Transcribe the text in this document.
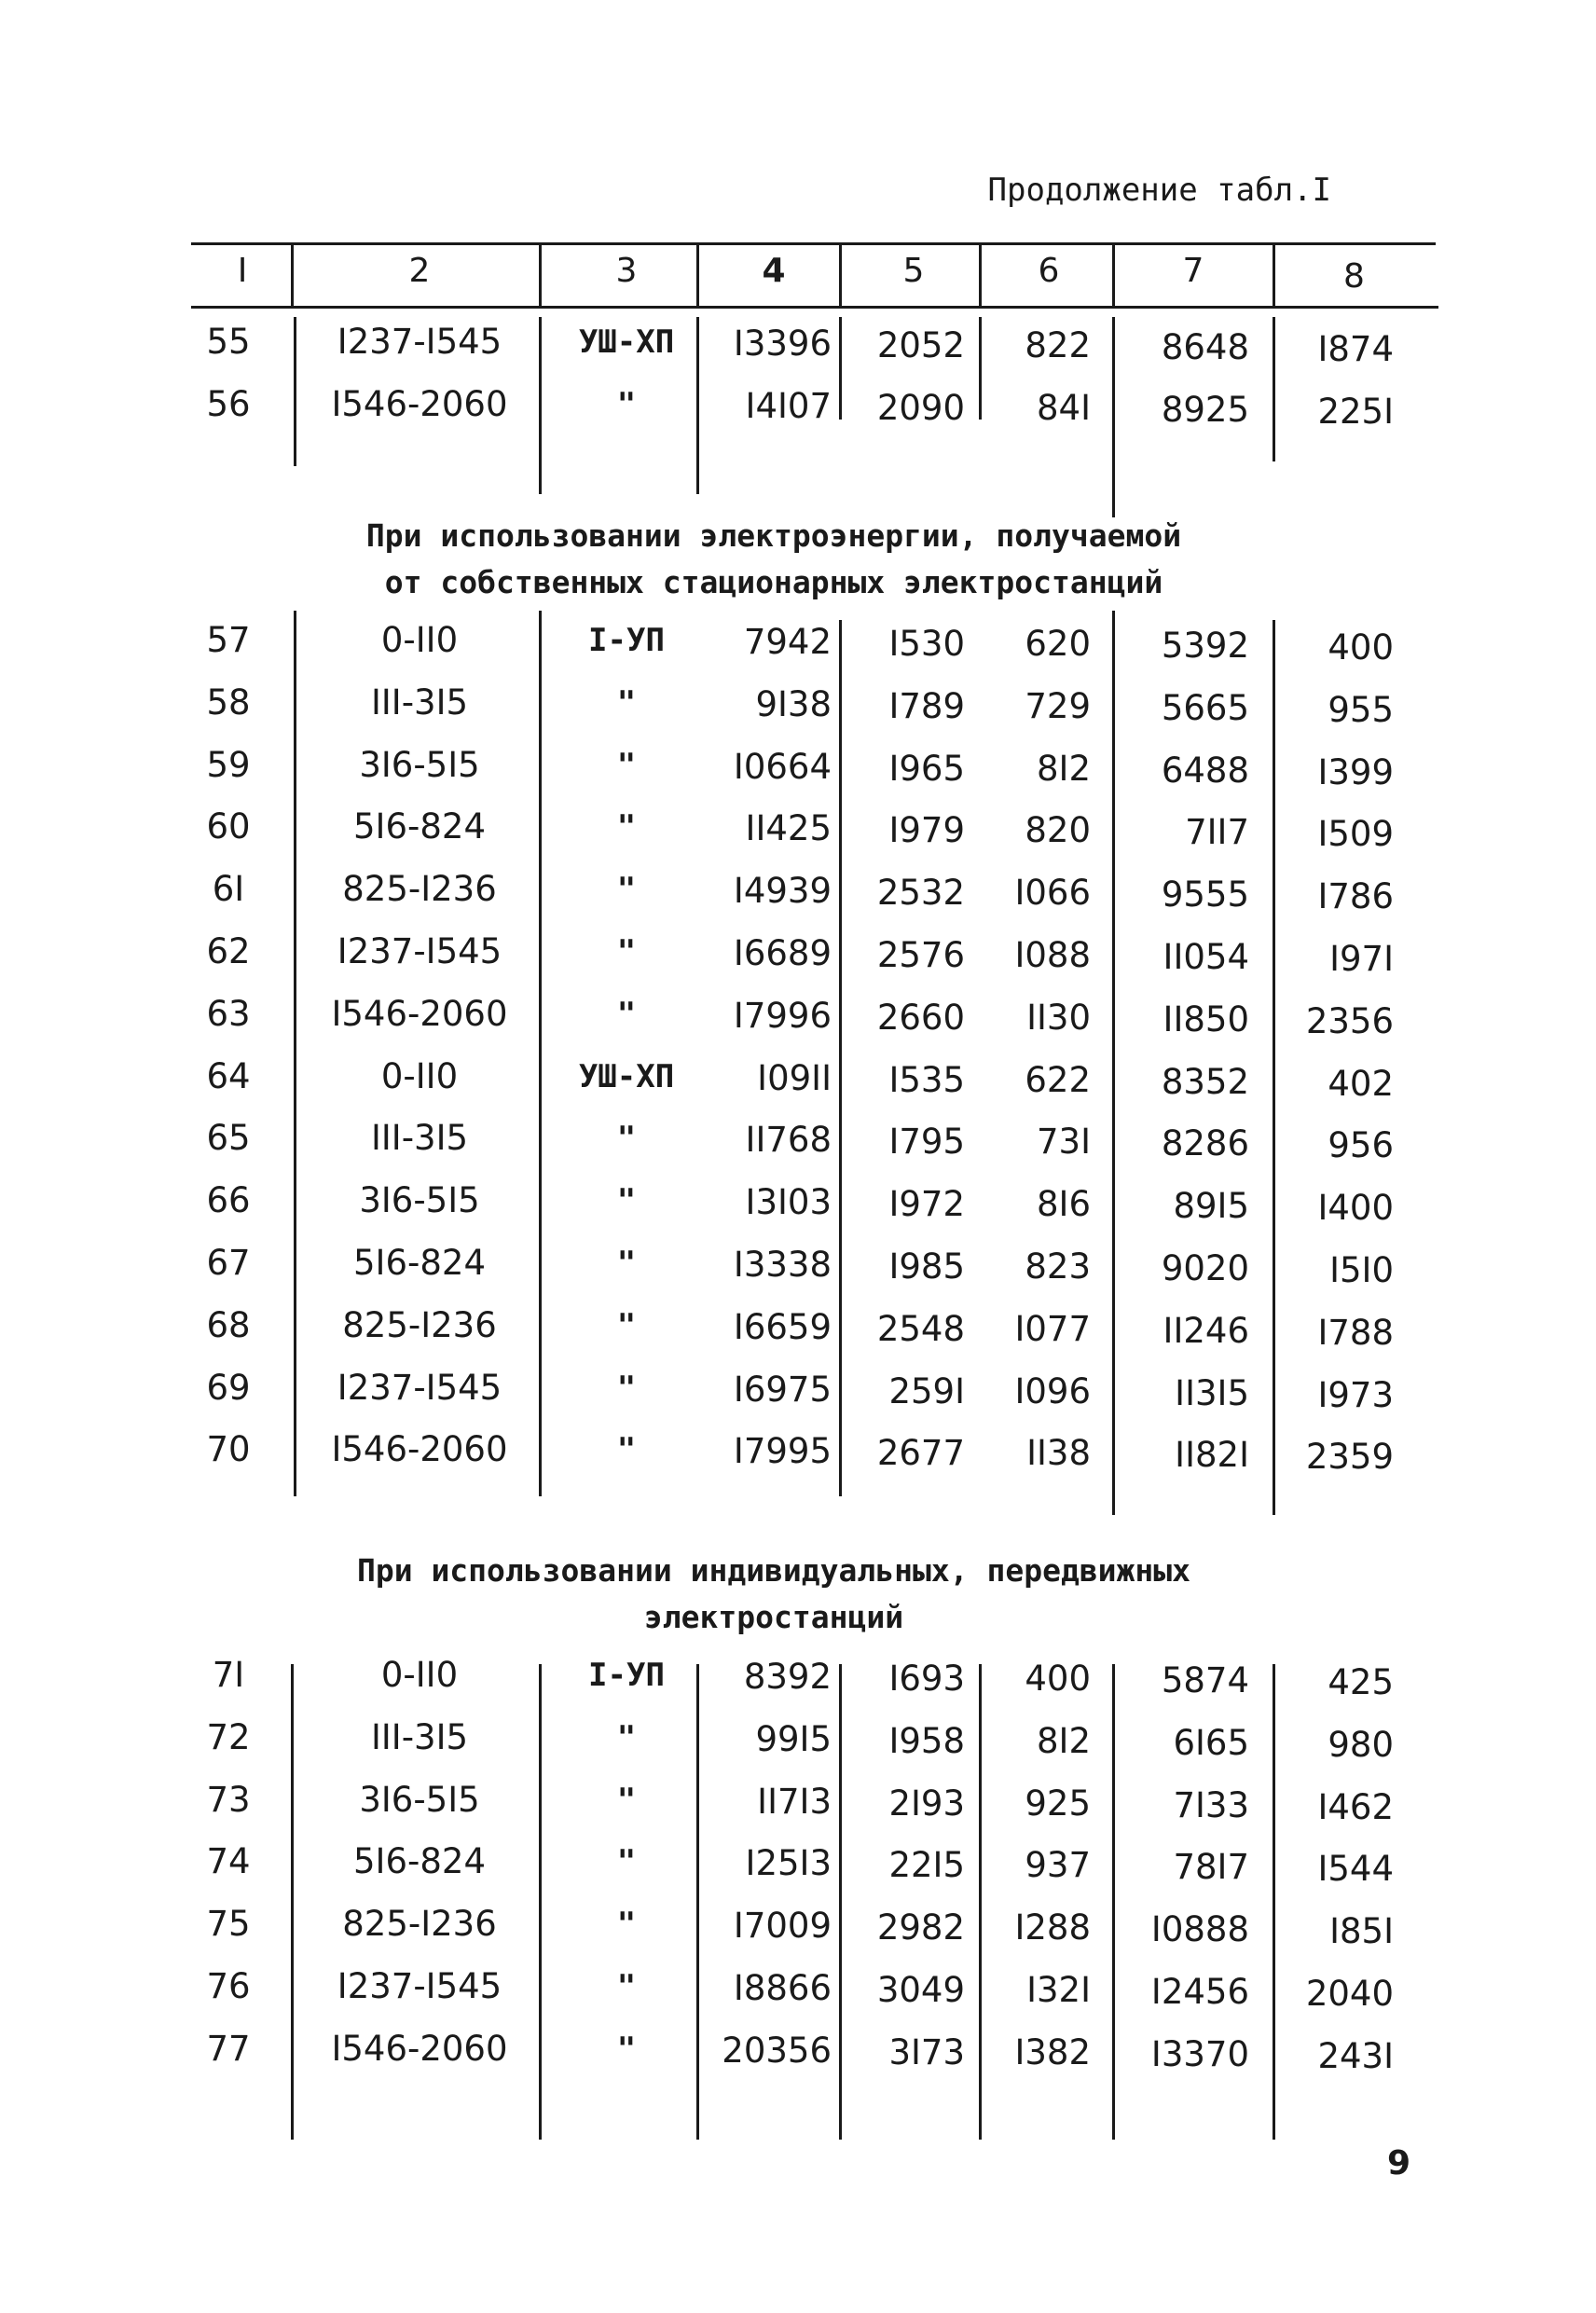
Продолжение табл.I
I	2	3	4	5	6	7	8
55	I237-I545	УШ-ХП	I3396	2052	822	8648	I874
56	I546-2060	"	I4I07	2090	84I	8925	225I
При использовании электроэнергии, получаемой
от собственных стационарных электростанций
57	0-II0	I-УП	7942	I530	620	5392	400
58	III-3I5	"	9I38	I789	729	5665	955
59	3I6-5I5	"	I0664	I965	8I2	6488	I399
60	5I6-824	"	II425	I979	820	7II7	I509
6I	825-I236	"	I4939	2532	I066	9555	I786
62	I237-I545	"	I6689	2576	I088	II054	I97I
63	I546-2060	"	I7996	2660	II30	II850	2356
64	0-II0	УШ-ХП	I09II	I535	622	8352	402
65	III-3I5	"	II768	I795	73I	8286	956
66	3I6-5I5	"	I3I03	I972	8I6	89I5	I400
67	5I6-824	"	I3338	I985	823	9020	I5I0
68	825-I236	"	I6659	2548	I077	II246	I788
69	I237-I545	"	I6975	259I	I096	II3I5	I973
70	I546-2060	"	I7995	2677	II38	II82I	2359
При использовании индивидуальных, передвижных
электростанций
7I	0-II0	I-УП	8392	I693	400	5874	425
72	III-3I5	"	99I5	I958	8I2	6I65	980
73	3I6-5I5	"	II7I3	2I93	925	7I33	I462
74	5I6-824	"	I25I3	22I5	937	78I7	I544
75	825-I236	"	I7009	2982	I288	I0888	I85I
76	I237-I545	"	I8866	3049	I32I	I2456	2040
77	I546-2060	"	20356	3I73	I382	I3370	243I
9
